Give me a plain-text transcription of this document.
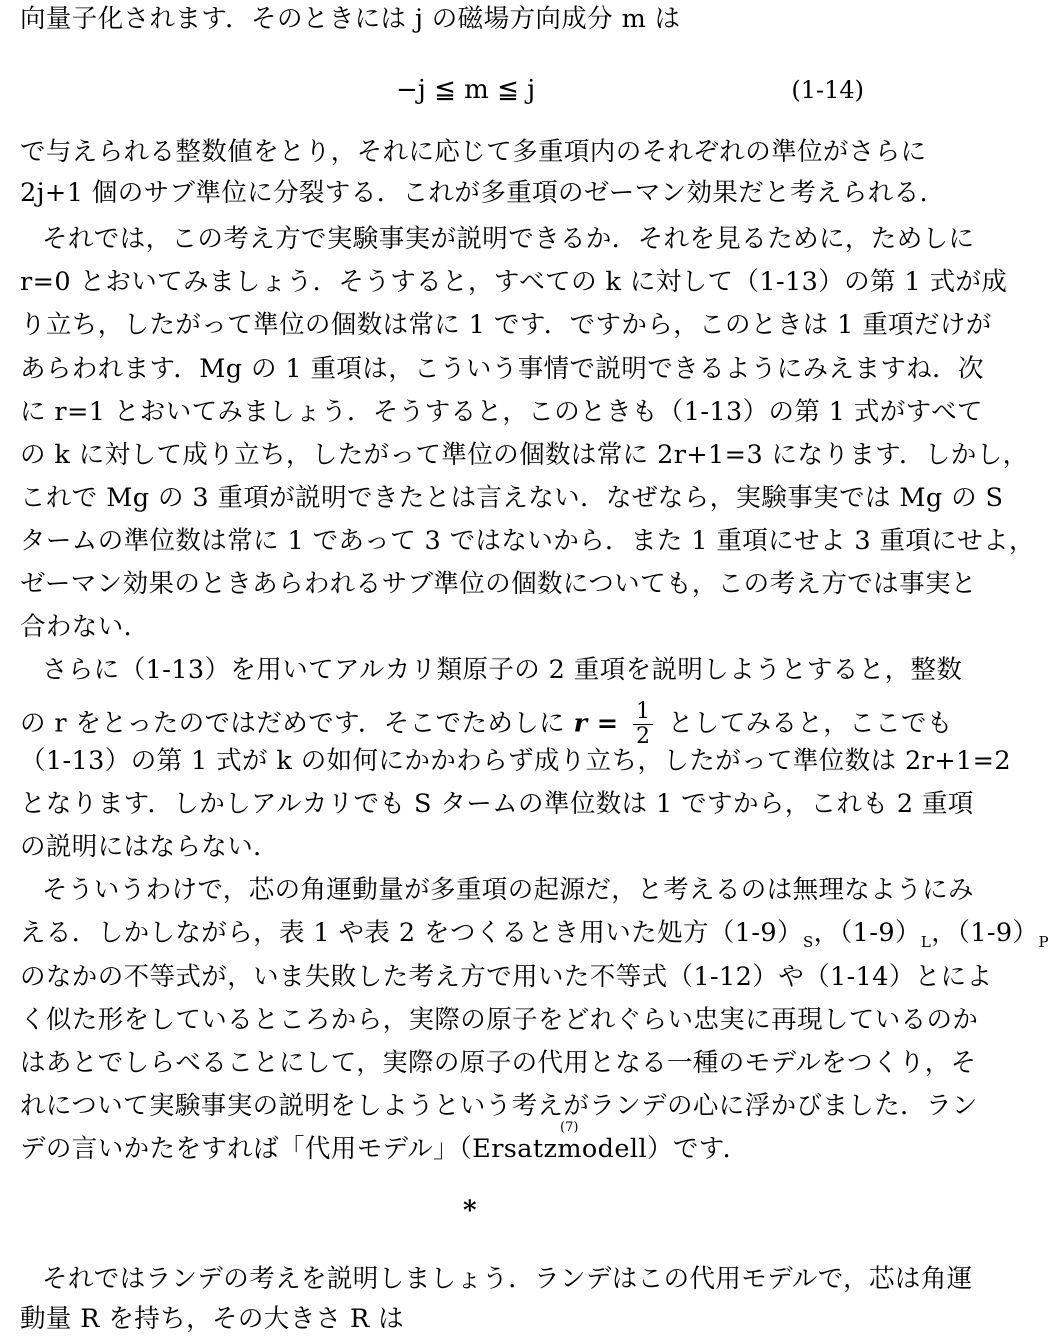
向量子化されます．そのときには j の磁場方向成分 m は
−j ≦ m ≦ j	(1-14)
で与えられる整数値をとり，それに応じて多重項内のそれぞれの準位がさらに
2j+1 個のサブ準位に分裂する．これが多重項のゼーマン効果だと考えられる．
それでは，この考え方で実験事実が説明できるか．それを見るために，ためしに
r=0 とおいてみましょう．そうすると，すべての k に対して（1-13）の第 1 式が成
り立ち，したがって準位の個数は常に 1 です．ですから，このときは 1 重項だけが
あらわれます．Mg の 1 重項は，こういう事情で説明できるようにみえますね．次
に r=1 とおいてみましょう．そうすると，このときも（1-13）の第 1 式がすべて
の k に対して成り立ち，したがって準位の個数は常に 2r+1=3 になります．しかし，
これで Mg の 3 重項が説明できたとは言えない．なぜなら，実験事実では Mg の S
タームの準位数は常に 1 であって 3 ではないから．また 1 重項にせよ 3 重項にせよ，
ゼーマン効果のときあらわれるサブ準位の個数についても，この考え方では事実と
合わない．
さらに（1-13）を用いてアルカリ類原子の 2 重項を説明しようとすると，整数
の r をとったのではだめです．そこでためしに $r = \frac{1}{2}$ としてみると，ここでも
（1-13）の第 1 式が k の如何にかかわらず成り立ち，したがって準位数は 2r+1=2
となります．しかしアルカリでも S タームの準位数は 1 ですから，これも 2 重項
の説明にはならない．
そういうわけで，芯の角運動量が多重項の起源だ，と考えるのは無理なようにみ
える．しかしながら，表 1 や表 2 をつくるとき用いた処方$(1-9)_S$，$(1-9)_L$，$(1-9)_P$
のなかの不等式が，いま失敗した考え方で用いた不等式（1-12）や（1-14）とによ
く似た形をしているところから，実際の原子をどれぐらい忠実に再現しているのか
はあとでしらべることにして，実際の原子の代用となる一種のモデルをつくり，そ
れについて実験事実の説明をしようという考えがランデの心に浮かびました．ラン
デの言いかたをすれば「代用モデル」（Ersatzmodell）です．
(7)
*
それではランデの考えを説明しましょう．ランデはこの代用モデルで，芯は角運
動量 R を持ち，その大きさ R は
